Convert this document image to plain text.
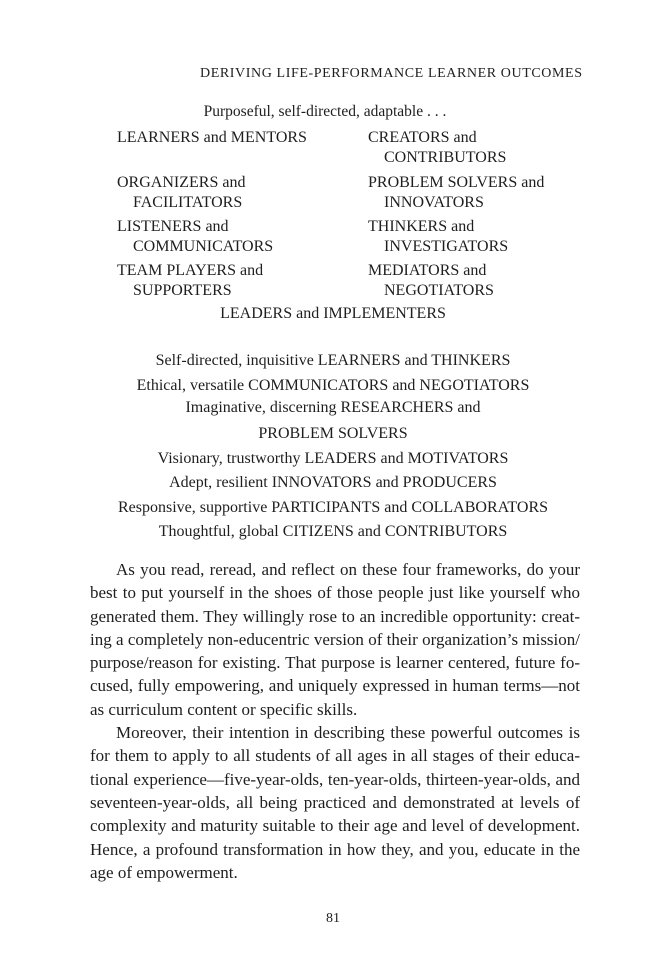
DERIVING LIFE-PERFORMANCE LEARNER OUTCOMES
Purposeful, self-directed, adaptable . . .
LEARNERS and MENTORS	CREATORS and
CONTRIBUTORS
ORGANIZERS and
FACILITATORS
PROBLEM SOLVERS and
INNOVATORS
LISTENERS and
COMMUNICATORS
THINKERS and
INVESTIGATORS
TEAM PLAYERS and
SUPPORTERS
MEDIATORS and
NEGOTIATORS
LEADERS and IMPLEMENTERS
Self-directed, inquisitive LEARNERS and THINKERS
Ethical, versatile COMMUNICATORS and NEGOTIATORS
Imaginative, discerning RESEARCHERS and
PROBLEM SOLVERS
Visionary, trustworthy LEADERS and MOTIVATORS
Adept, resilient INNOVATORS and PRODUCERS
Responsive, supportive PARTICIPANTS and COLLABORATORS
Thoughtful, global CITIZENS and CONTRIBUTORS

As you read, reread, and reflect on these four frameworks, do your best to put yourself in the shoes of those people just like yourself who generated them. They willingly rose to an incredible opportunity: creating a completely non-educentric version of their organization’s mission/​purpose/reason for existing. That purpose is learner centered, future focused, fully empowering, and uniquely expressed in human terms—not as curriculum content or specific skills.

Moreover, their intention in describing these powerful outcomes is for them to apply to all students of all ages in all stages of their educational experience—five-year-olds, ten-year-olds, thirteen-year-olds, and seventeen-year-olds, all being practiced and demonstrated at levels of complexity and maturity suitable to their age and level of development. Hence, a profound transformation in how they, and you, educate in the age of empowerment.

81
